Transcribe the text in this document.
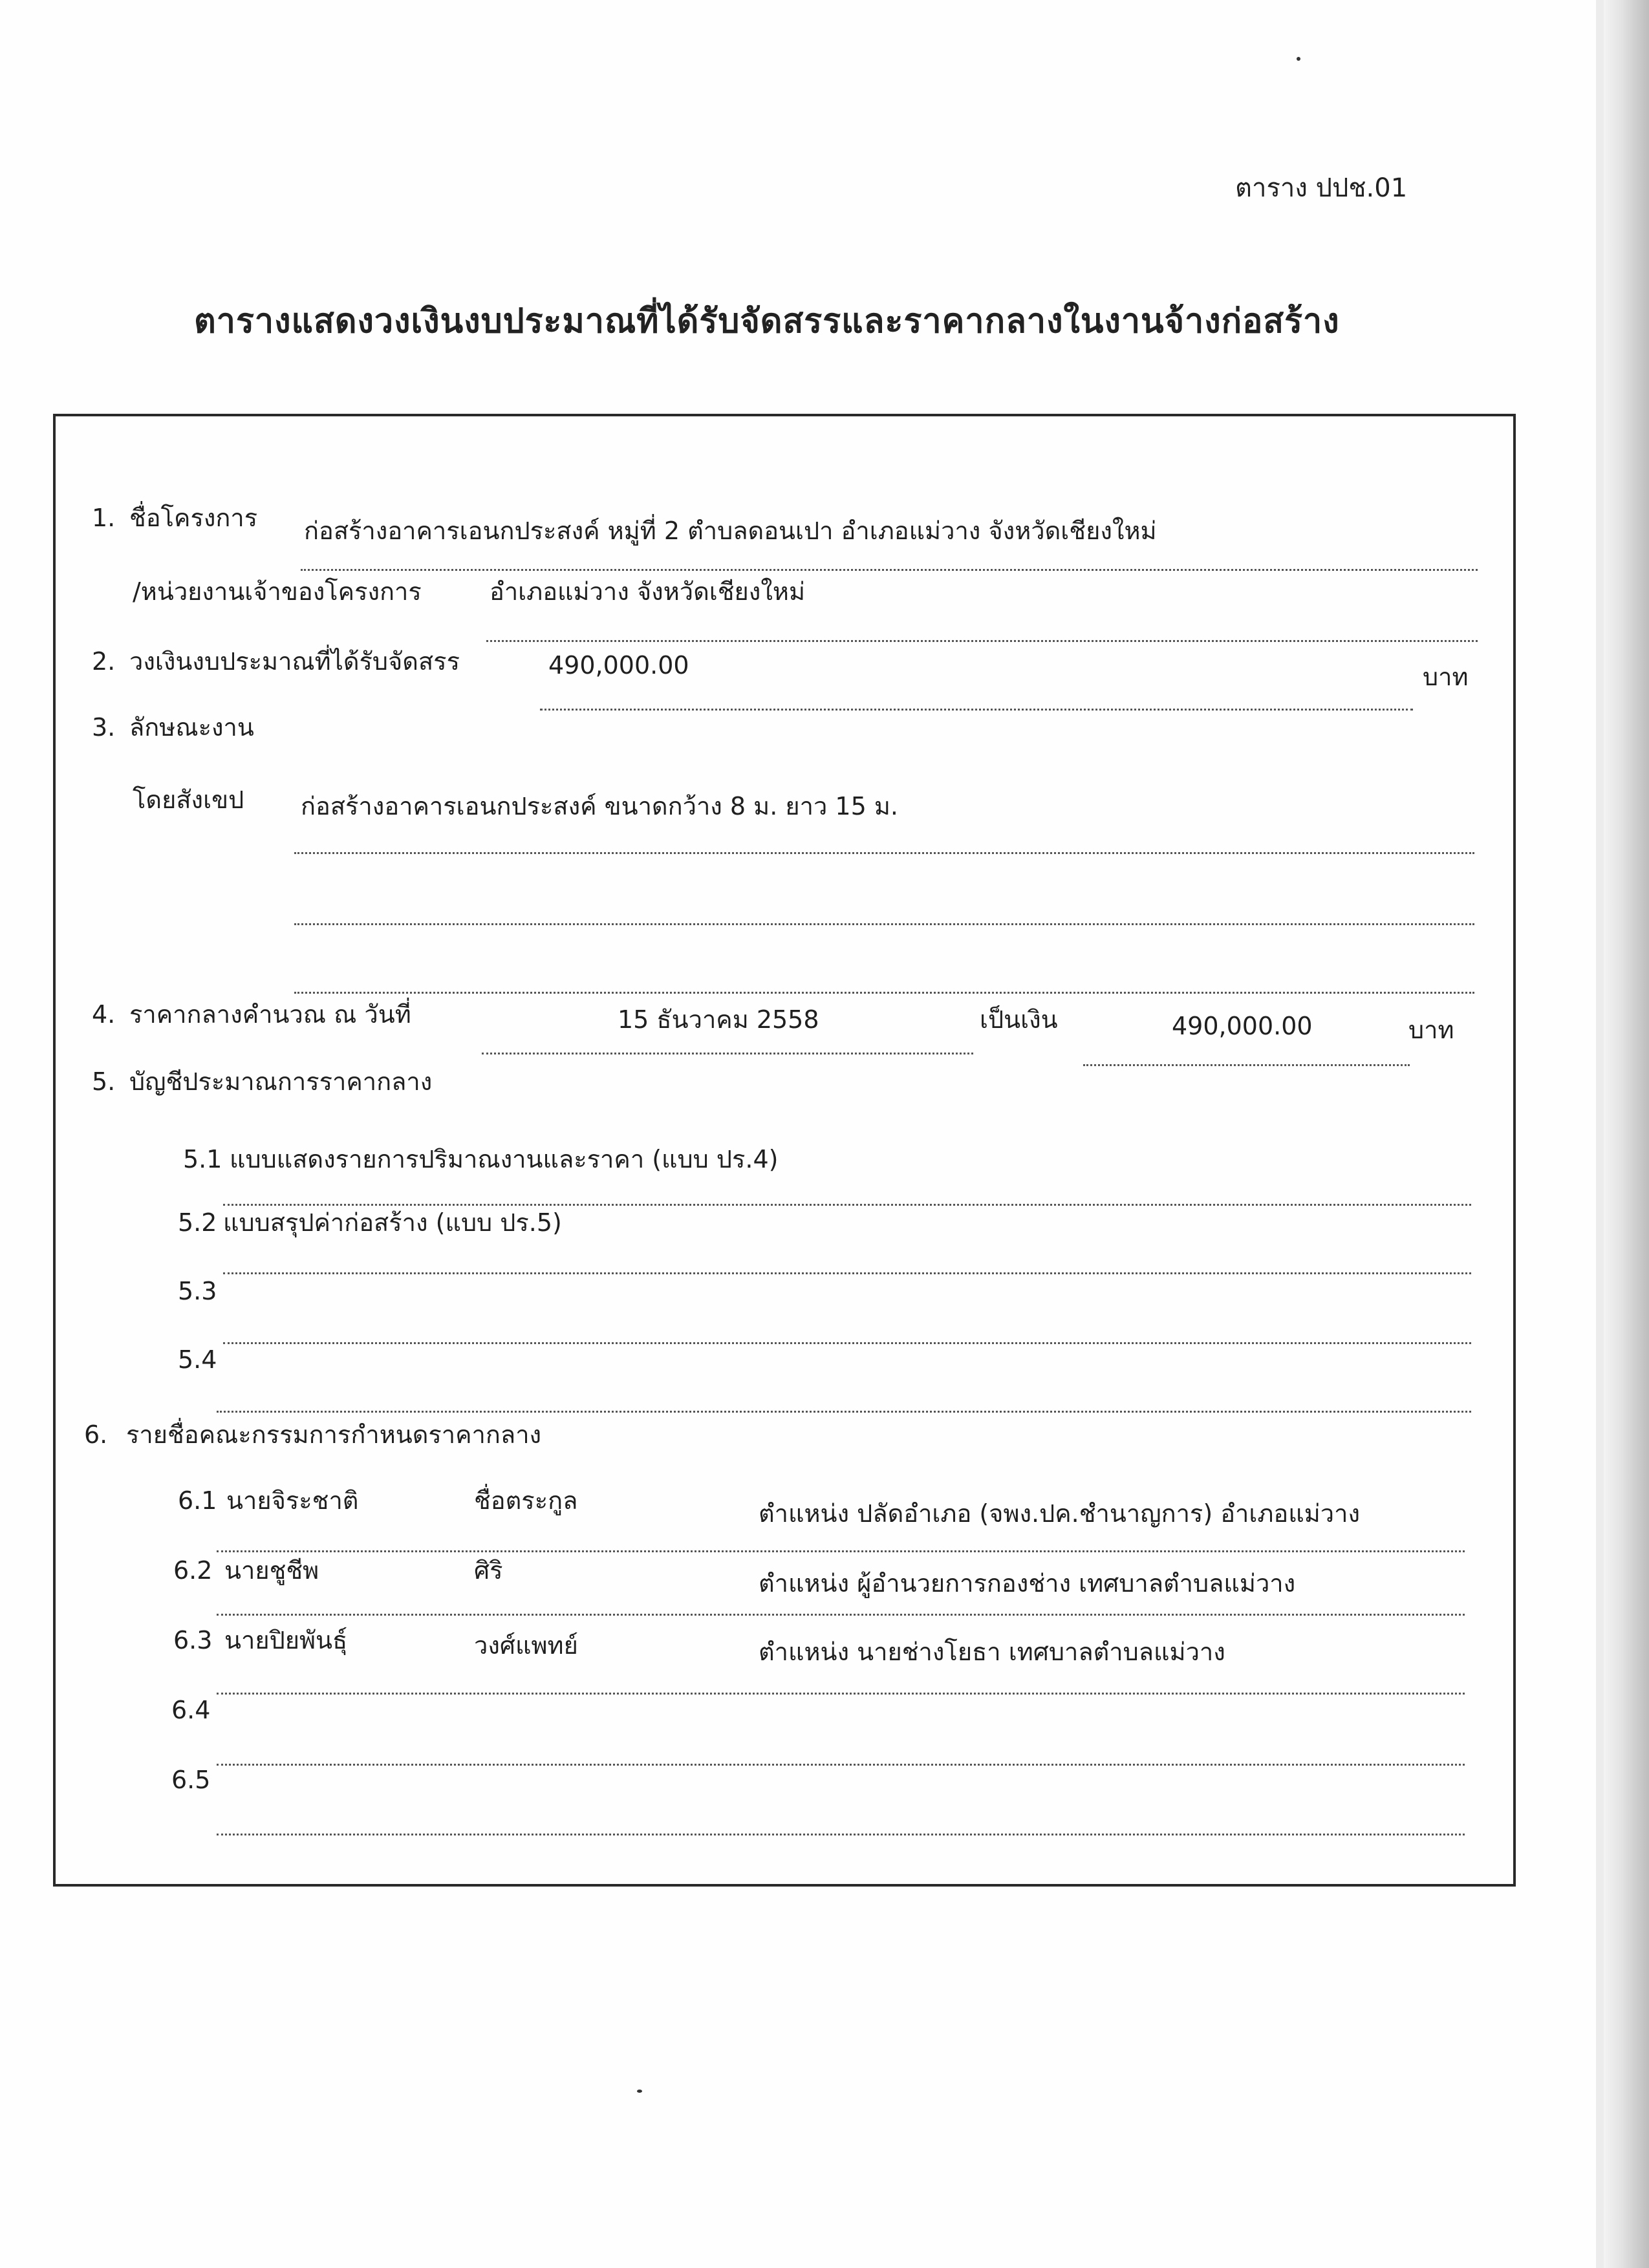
ตาราง ปปช.01
ตารางแสดงวงเงินงบประมาณที่ได้รับจัดสรรและราคากลางในงานจ้างก่อสร้าง
1. ชื่อโครงการ ก่อสร้างอาคารเอนกประสงค์ หมู่ที่ 2 ตำบลดอนเปา อำเภอแม่วาง จังหวัดเชียงใหม่
/หน่วยงานเจ้าของโครงการ	อำเภอแม่วาง จังหวัดเชียงใหม่
2. วงเงินงบประมาณที่ได้รับจัดสรร	490,000.00	บาท
3. ลักษณะงาน
โดยสังเขป ก่อสร้างอาคารเอนกประสงค์ ขนาดกว้าง 8 ม. ยาว 15 ม.
4. ราคากลางคำนวณ ณ วันที่	15 ธันวาคม 2558	เป็นเงิน	490,000.00	บาท
5. บัญชีประมาณการราคากลาง
5.1 แบบแสดงรายการปริมาณงานและราคา (แบบ ปร.4)
5.2 แบบสรุปค่าก่อสร้าง (แบบ ปร.5)
5.3
5.4
6. รายชื่อคณะกรรมการกำหนดราคากลาง
6.1 นายจิระชาติ	ชื่อตระกูล	ตำแหน่ง ปลัดอำเภอ (จพง.ปค.ชำนาญการ) อำเภอแม่วาง
6.2 นายชูชีพ	ศิริ	ตำแหน่ง ผู้อำนวยการกองช่าง เทศบาลตำบลแม่วาง
6.3 นายปิยพันธุ์	วงศ์แพทย์	ตำแหน่ง นายช่างโยธา เทศบาลตำบลแม่วาง
6.4
6.5
